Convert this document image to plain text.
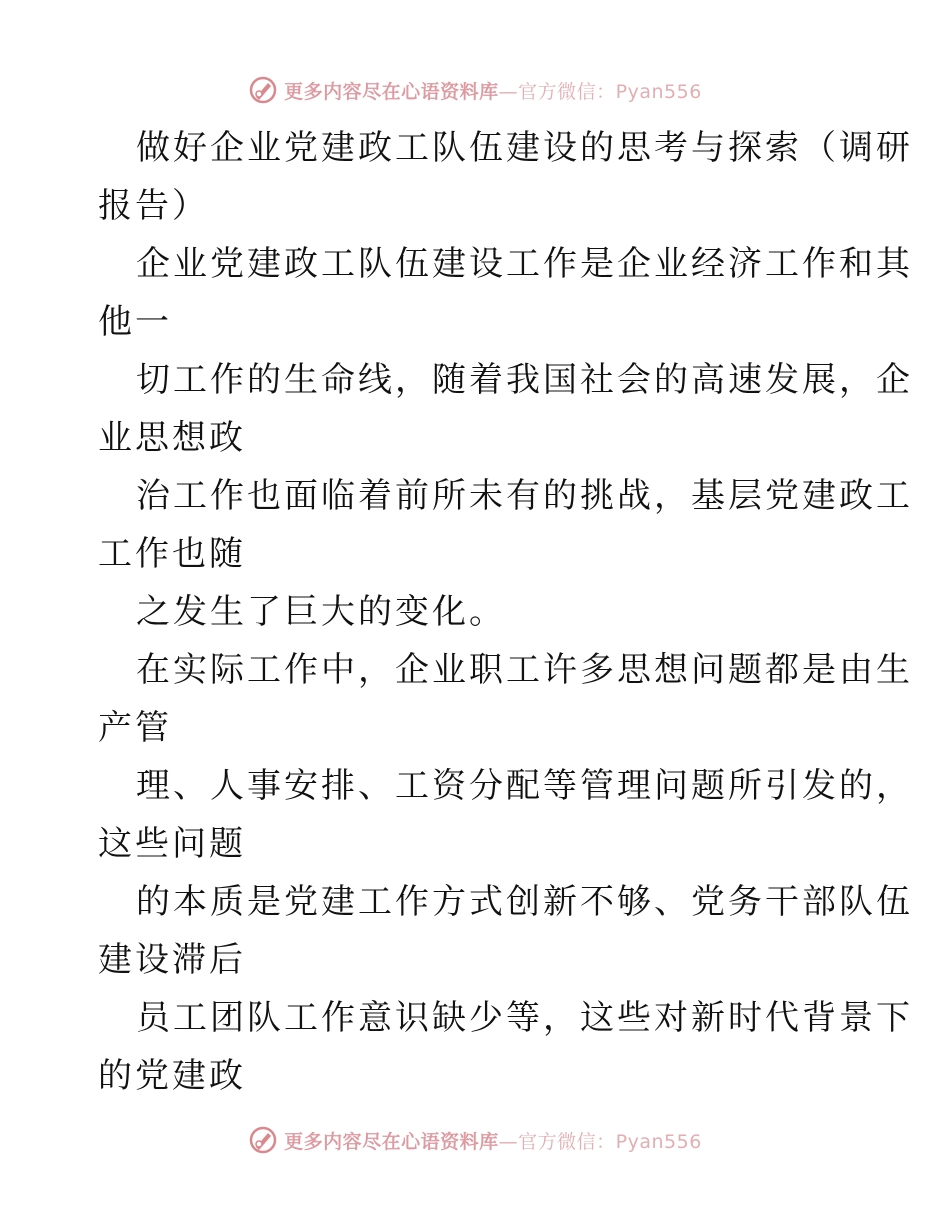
更多内容尽在心语资料库—官方微信：Pyan556
做好企业党建政工队伍建设的思考与探索（调研
报告）
企业党建政工队伍建设工作是企业经济工作和其
他一
切工作的生命线，随着我国社会的高速发展，企
业思想政
治工作也面临着前所未有的挑战，基层党建政工
工作也随
之发生了巨大的变化。
在实际工作中，企业职工许多思想问题都是由生
产管
理、人事安排、工资分配等管理问题所引发的，
这些问题
的本质是党建工作方式创新不够、党务干部队伍
建设滞后
员工团队工作意识缺少等，这些对新时代背景下
的党建政
更多内容尽在心语资料库—官方微信：Pyan556
